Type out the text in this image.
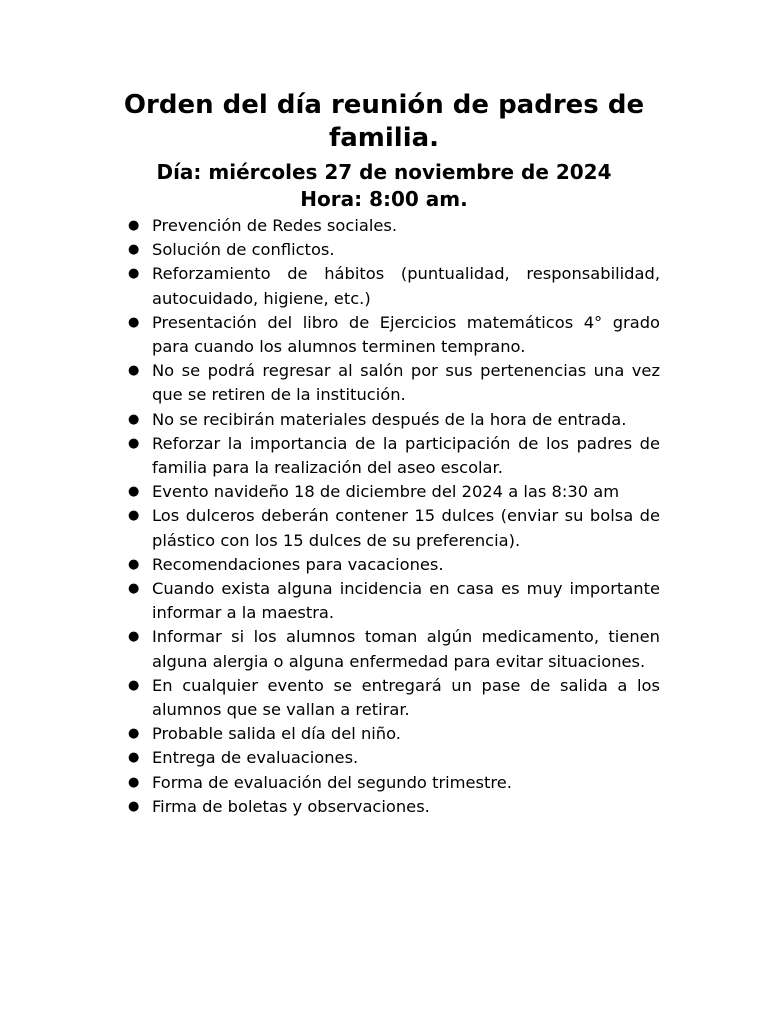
Orden del día reunión de padres de familia.
Día: miércoles 27 de noviembre de 2024
Hora: 8:00 am.
● Prevención de Redes sociales.
● Solución de conflictos.
● Reforzamiento de hábitos (puntualidad, responsabilidad, autocuidado, higiene, etc.)
● Presentación del libro de Ejercicios matemáticos 4° grado para cuando los alumnos terminen temprano.
● No se podrá regresar al salón por sus pertenencias una vez que se retiren de la institución.
● No se recibirán materiales después de la hora de entrada.
● Reforzar la importancia de la participación de los padres de familia para la realización del aseo escolar.
● Evento navideño 18 de diciembre del 2024 a las 8:30 am
● Los dulceros deberán contener 15 dulces (enviar su bolsa de plástico con los 15 dulces de su preferencia).
● Recomendaciones para vacaciones.
● Cuando exista alguna incidencia en casa es muy importante informar a la maestra.
● Informar si los alumnos toman algún medicamento, tienen alguna alergia o alguna enfermedad para evitar situaciones.
● En cualquier evento se entregará un pase de salida a los alumnos que se vallan a retirar.
● Probable salida el día del niño.
● Entrega de evaluaciones.
● Forma de evaluación del segundo trimestre.
● Firma de boletas y observaciones.
